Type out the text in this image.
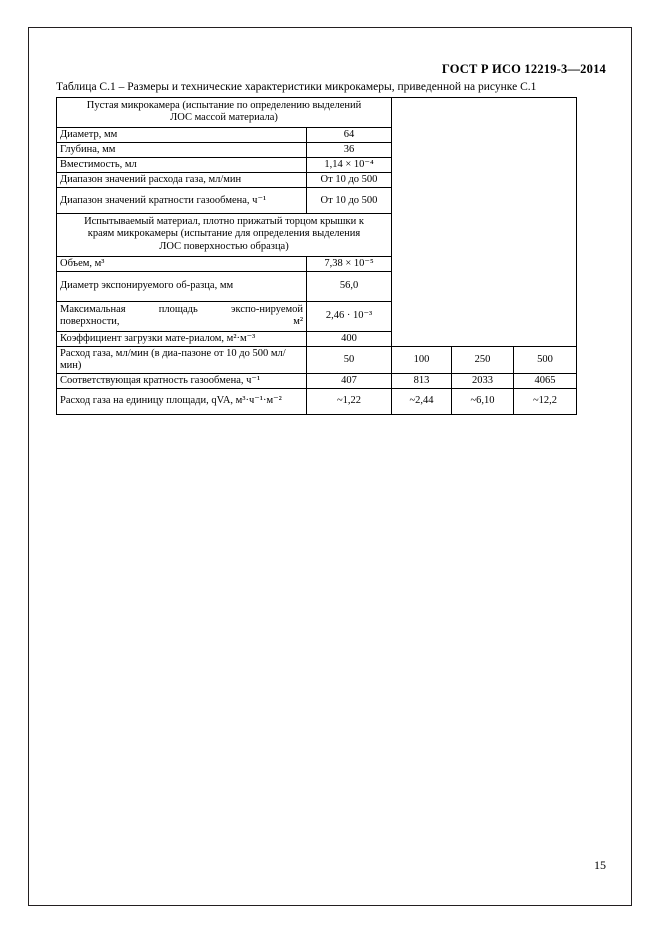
ГОСТ Р ИСО 12219-3—2014
Таблица С.1 – Размеры и технические характеристики микрокамеры, приведенной на рисунке С.1
Пустая микрокамера (испытание по определению выделений ЛОС массой материала)				
Диаметр, мм	64			
Глубина, мм	36			
Вместимость, мл	1,14 × 10⁻⁴			
Диапазон значений расхода газа, мл/мин	От 10 до 500			
Диапазон значений кратности газообмена, ч⁻¹	От 10 до 500			
Испытываемый материал, плотно прижатый торцом крышки к краям микрокамеры (испытание для определения выделения ЛОС поверхностью образца)				
Объем, м³	7,38 × 10⁻⁵			
Диаметр экспонируемого об-разца, мм	56,0			
Максимальная площадь экспо-нируемой поверхности, м²	2,46 · 10⁻³			
Коэффициент загрузки мате-риалом, м²·м⁻³	400			
Расход газа, мл/мин (в диа-пазоне от 10 до 500 мл/мин)	50	100	250	500
Соответствующая кратность газообмена, ч⁻¹	407	813	2033	4065
Расход газа на единицу площади, qVA, м³·ч⁻¹·м⁻²	~1,22	~2,44	~6,10	~12,2
15
